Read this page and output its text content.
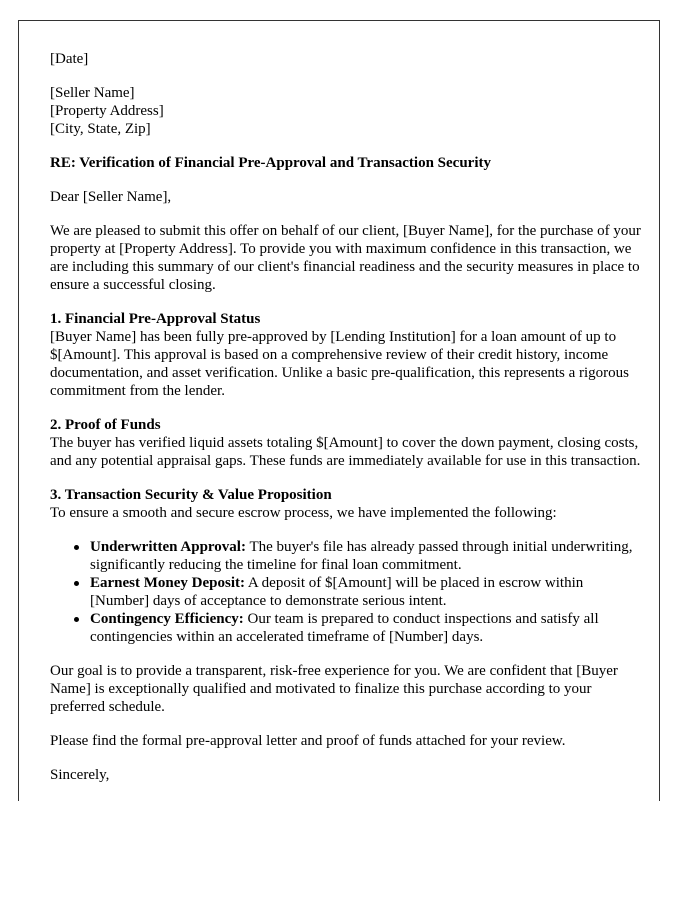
[Date]

[Seller Name]
[Property Address]
[City, State, Zip]

RE: Verification of Financial Pre-Approval and Transaction Security

Dear [Seller Name],

We are pleased to submit this offer on behalf of our client, [Buyer Name], for the purchase of your property at [Property Address]. To provide you with maximum confidence in this transaction, we are including this summary of our client's financial readiness and the security measures in place to ensure a successful closing.

1. Financial Pre-Approval Status
[Buyer Name] has been fully pre-approved by [Lending Institution] for a loan amount of up to $[Amount]. This approval is based on a comprehensive review of their credit history, income documentation, and asset verification. Unlike a basic pre-qualification, this represents a rigorous commitment from the lender.

2. Proof of Funds
The buyer has verified liquid assets totaling $[Amount] to cover the down payment, closing costs, and any potential appraisal gaps. These funds are immediately available for use in this transaction.

3. Transaction Security & Value Proposition
To ensure a smooth and secure escrow process, we have implemented the following:

Underwritten Approval: The buyer's file has already passed through initial underwriting, significantly reducing the timeline for final loan commitment.
Earnest Money Deposit: A deposit of $[Amount] will be placed in escrow within [Number] days of acceptance to demonstrate serious intent.
Contingency Efficiency: Our team is prepared to conduct inspections and satisfy all contingencies within an accelerated timeframe of [Number] days.

Our goal is to provide a transparent, risk-free experience for you. We are confident that [Buyer Name] is exceptionally qualified and motivated to finalize this purchase according to your preferred schedule.

Please find the formal pre-approval letter and proof of funds attached for your review.

Sincerely,
